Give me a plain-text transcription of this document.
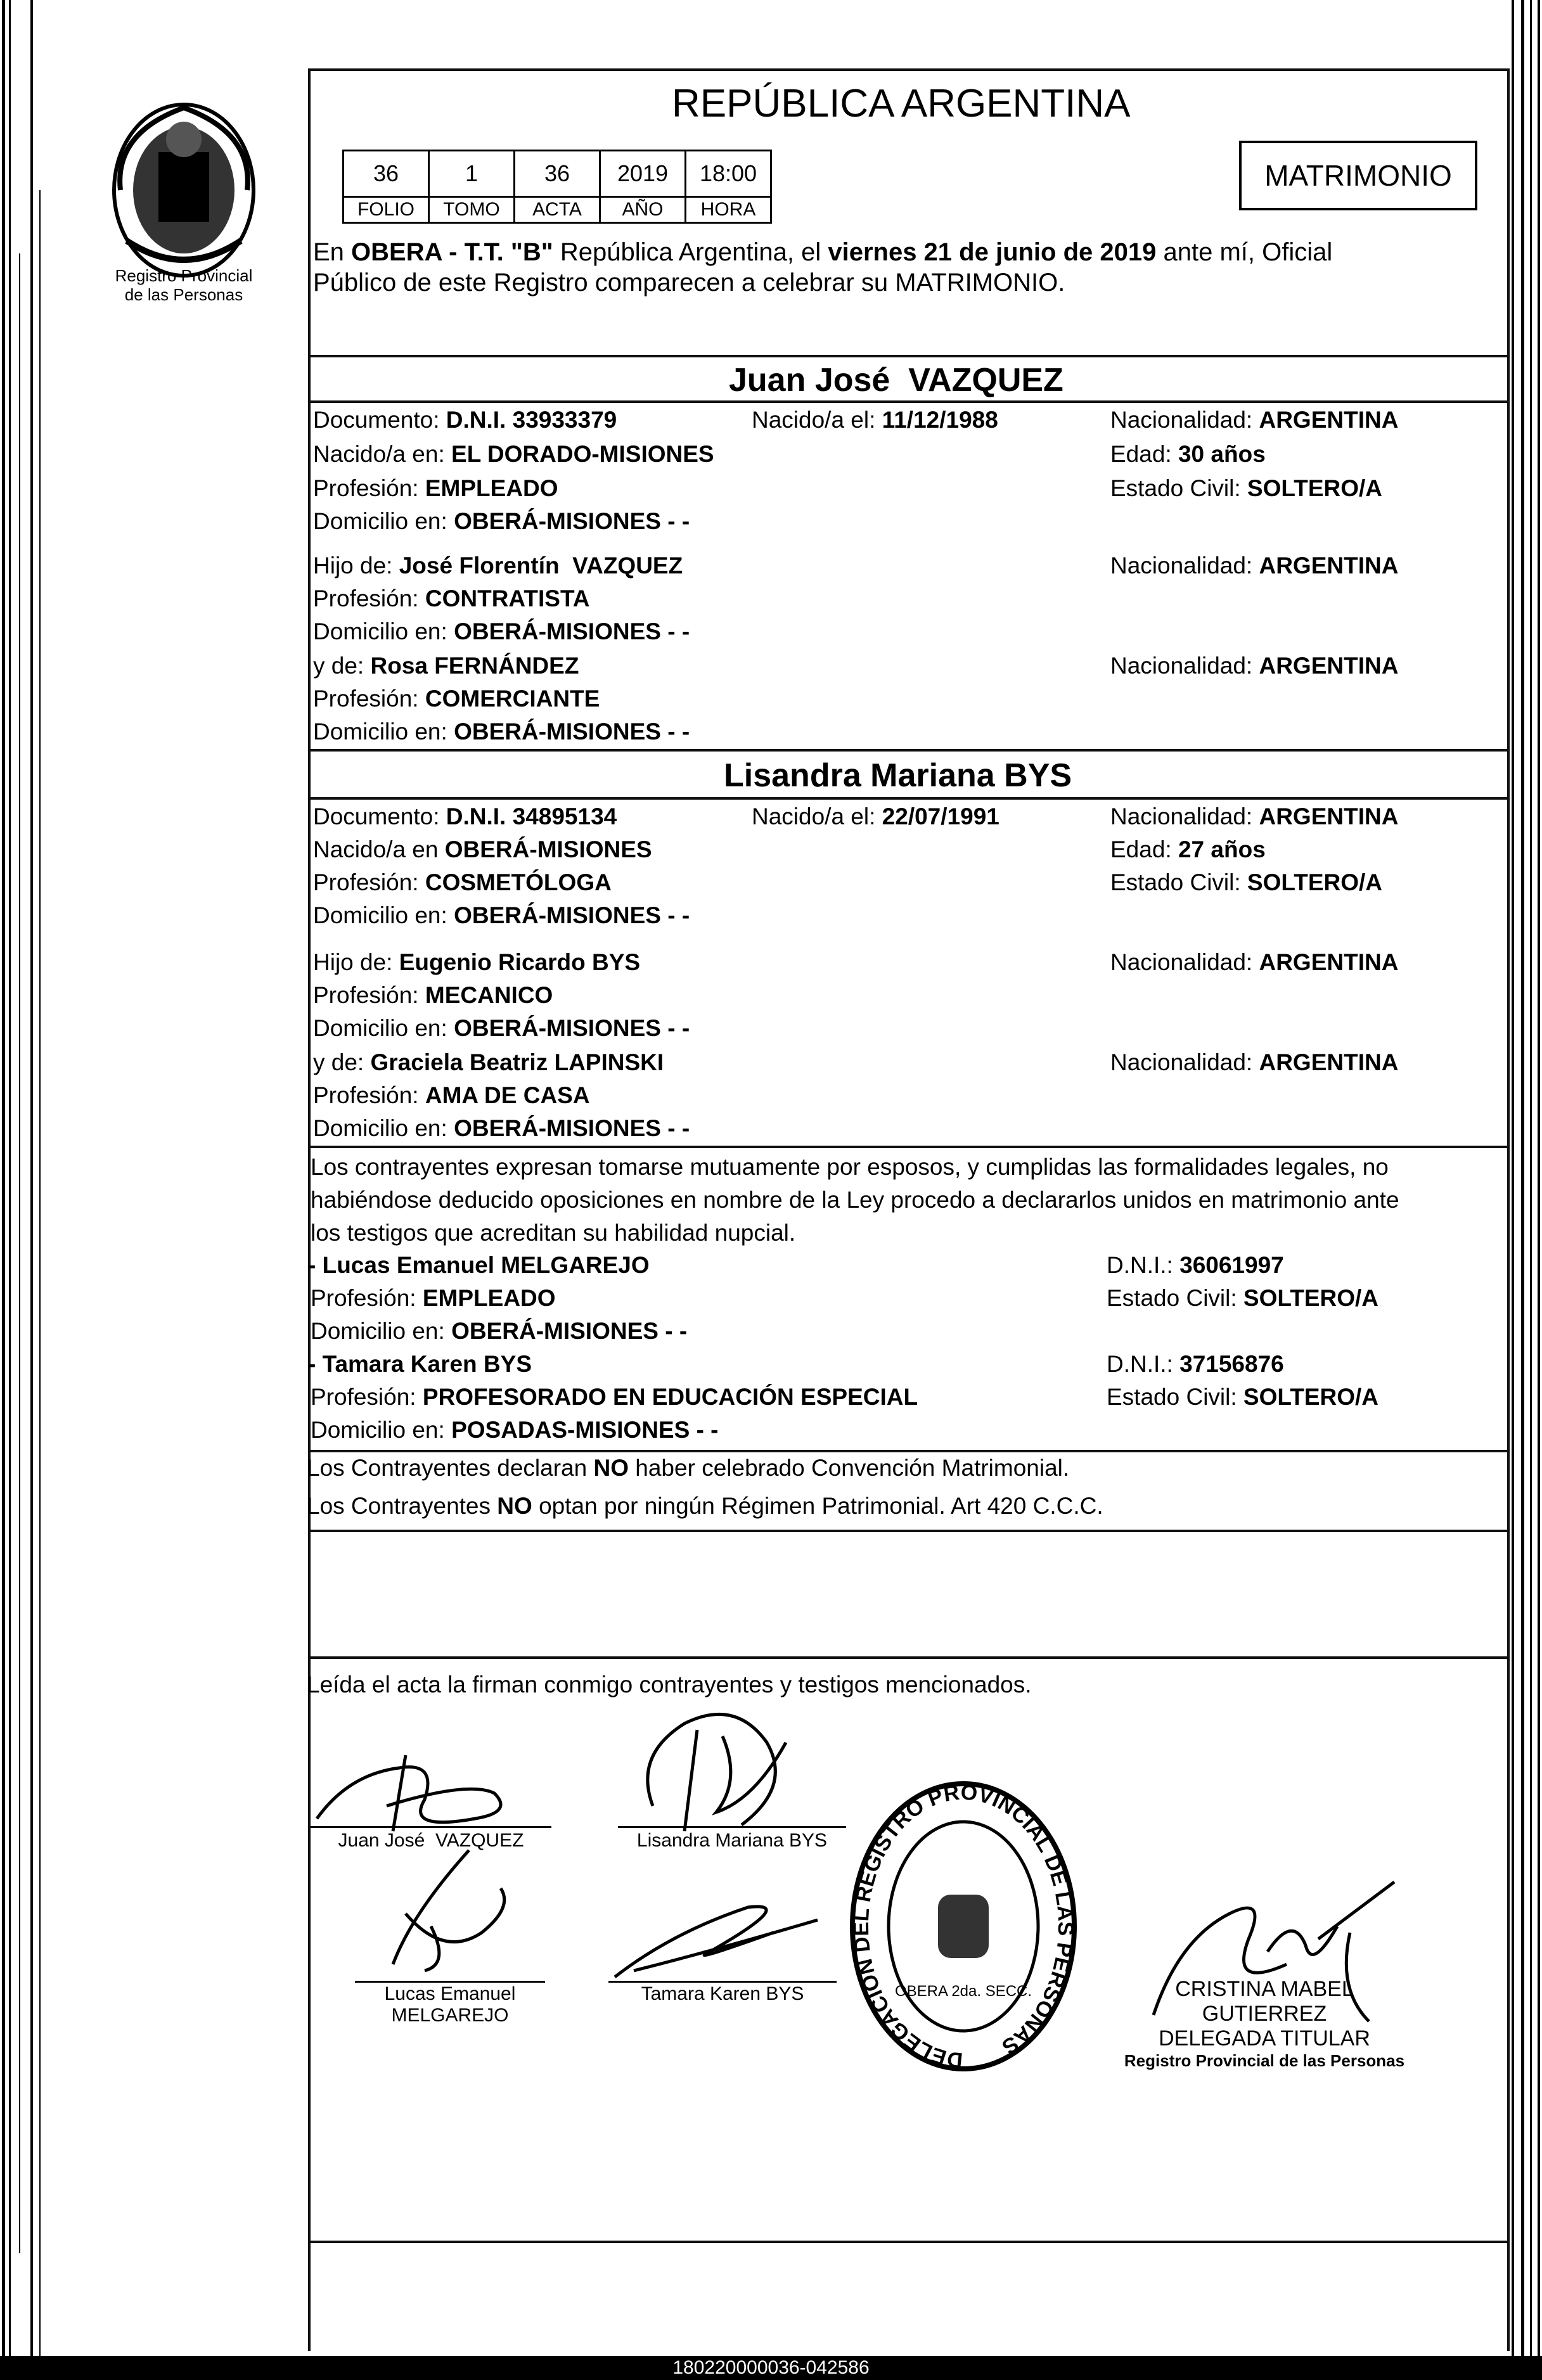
Registro Provincial
de las Personas
REPÚBLICA ARGENTINA
MATRIMONIO
36	1	36	2019	18:00
FOLIO	TOMO	ACTA	AÑO	HORA
En OBERA - T.T. "B" República Argentina, el viernes 21 de junio de 2019 ante mí, Oficial
Público de este Registro comparecen a celebrar su MATRIMONIO.
Juan José  VAZQUEZ
Documento: D.N.I. 33933379	Nacido/a el: 11/12/1988	Nacionalidad: ARGENTINA
Nacido/a en: EL DORADO-MISIONES	Edad: 30 años
Profesión: EMPLEADO	Estado Civil: SOLTERO/A
Domicilio en: OBERÁ-MISIONES - -
Hijo de: José Florentín  VAZQUEZ	Nacionalidad: ARGENTINA
Profesión: CONTRATISTA
Domicilio en: OBERÁ-MISIONES - -
y de: Rosa FERNÁNDEZ	Nacionalidad: ARGENTINA
Profesión: COMERCIANTE
Domicilio en: OBERÁ-MISIONES - -
Lisandra Mariana BYS
Documento: D.N.I. 34895134	Nacido/a el: 22/07/1991	Nacionalidad: ARGENTINA
Nacido/a en OBERÁ-MISIONES	Edad: 27 años
Profesión: COSMETÓLOGA	Estado Civil: SOLTERO/A
Domicilio en: OBERÁ-MISIONES - -
Hijo de: Eugenio Ricardo BYS	Nacionalidad: ARGENTINA
Profesión: MECANICO
Domicilio en: OBERÁ-MISIONES - -
y de: Graciela Beatriz LAPINSKI	Nacionalidad: ARGENTINA
Profesión: AMA DE CASA
Domicilio en: OBERÁ-MISIONES - -
Los contrayentes expresan tomarse mutuamente por esposos, y cumplidas las formalidades legales, no
habiéndose deducido oposiciones en nombre de la Ley procedo a declararlos unidos en matrimonio ante
los testigos que acreditan su habilidad nupcial.
- Lucas Emanuel MELGAREJO	D.N.I.: 36061997
Profesión: EMPLEADO	Estado Civil: SOLTERO/A
Domicilio en: OBERÁ-MISIONES - -
- Tamara Karen BYS	D.N.I.: 37156876
Profesión: PROFESORADO EN EDUCACIÓN ESPECIAL	Estado Civil: SOLTERO/A
Domicilio en: POSADAS-MISIONES - -
Los Contrayentes declaran NO haber celebrado Convención Matrimonial.
Los Contrayentes NO optan por ningún Régimen Patrimonial. Art 420 C.C.C.
Leída el acta la firman conmigo contrayentes y testigos mencionados.
Juan José  VAZQUEZ	Lisandra Mariana BYS
Lucas Emanuel
MELGAREJO
Tamara Karen BYS	CRISTINA MABEL GUTIERREZ
DELEGADA TITULAR
Registro Provincial de las Personas
DELEGACION DEL REGISTRO PROVINCIAL DE LAS PERSONAS
OBERA 2da. SECC.
180220000036-042586
